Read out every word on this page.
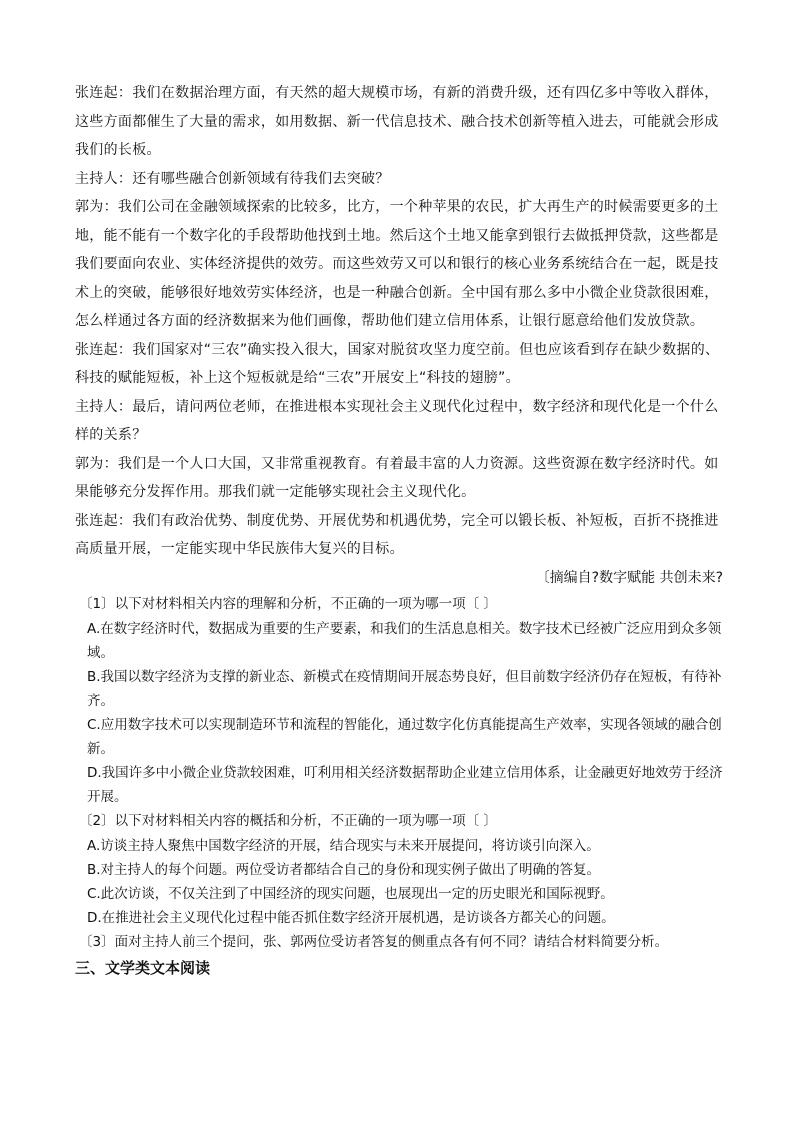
张连起：我们在数据治理方面，有天然的超大规模市场，有新的消费升级，还有四亿多中等收入群体，这些方面都催生了大量的需求，如用数据、新一代信息技术、融合技术创新等植入进去，可能就会形成我们的长板。

主持人：还有哪些融合创新领域有待我们去突破？

郭为：我们公司在金融领域探索的比较多，比方，一个种苹果的农民，扩大再生产的时候需要更多的土地，能不能有一个数字化的手段帮助他找到土地。然后这个土地又能拿到银行去做抵押贷款，这些都是我们要面向农业、实体经济提供的效劳。而这些效劳又可以和银行的核心业务系统结合在一起，既是技术上的突破，能够很好地效劳实体经济，也是一种融合创新。全中国有那么多中小微企业贷款很困难，怎么样通过各方面的经济数据来为他们画像，帮助他们建立信用体系，让银行愿意给他们发放贷款。

张连起：我们国家对“三农”确实投入很大，国家对脱贫攻坚力度空前。但也应该看到存在缺少数据的、科技的赋能短板，补上这个短板就是给“三农”开展安上“科技的翅膀”。

主持人：最后，请问两位老师，在推进根本实现社会主义现代化过程中，数字经济和现代化是一个什么样的关系？

郭为：我们是一个人口大国，又非常重视教育。有着最丰富的人力资源。这些资源在数字经济时代。如果能够充分发挥作用。那我们就一定能够实现社会主义现代化。

张连起：我们有政治优势、制度优势、开展优势和机遇优势，完全可以锻长板、补短板，百折不挠推进高质量开展，一定能实现中华民族伟大复兴的目标。

〔摘编自?数字赋能 共创未来?

〔1〕以下对材料相关内容的理解和分析，不正确的一项为哪一项〔 〕

A.在数字经济时代，数据成为重要的生产要素，和我们的生活息息相关。数字技术已经被广泛应用到众多领域。

B.我国以数字经济为支撑的新业态、新模式在疫情期间开展态势良好，但目前数字经济仍存在短板，有待补齐。

C.应用数字技术可以实现制造环节和流程的智能化，通过数字化仿真能提高生产效率，实现各领域的融合创新。

D.我国许多中小微企业贷款较困难，叮利用相关经济数据帮助企业建立信用体系，让金融更好地效劳于经济开展。

〔2〕以下对材料相关内容的概括和分析，不正确的一项为哪一项〔 〕

A.访谈主持人聚焦中国数字经济的开展，结合现实与未来开展提问，将访谈引向深入。

B.对主持人的每个问题。两位受访者都结合自己的身份和现实例子做出了明确的答复。

C.此次访谈，不仅关注到了中国经济的现实问题，也展现出一定的历史眼光和国际视野。

D.在推进社会主义现代化过程中能否抓住数字经济开展机遇，是访谈各方都关心的问题。

〔3〕面对主持人前三个提问，张、郭两位受访者答复的侧重点各有何不同？请结合材料简要分析。

三、文学类文本阅读
